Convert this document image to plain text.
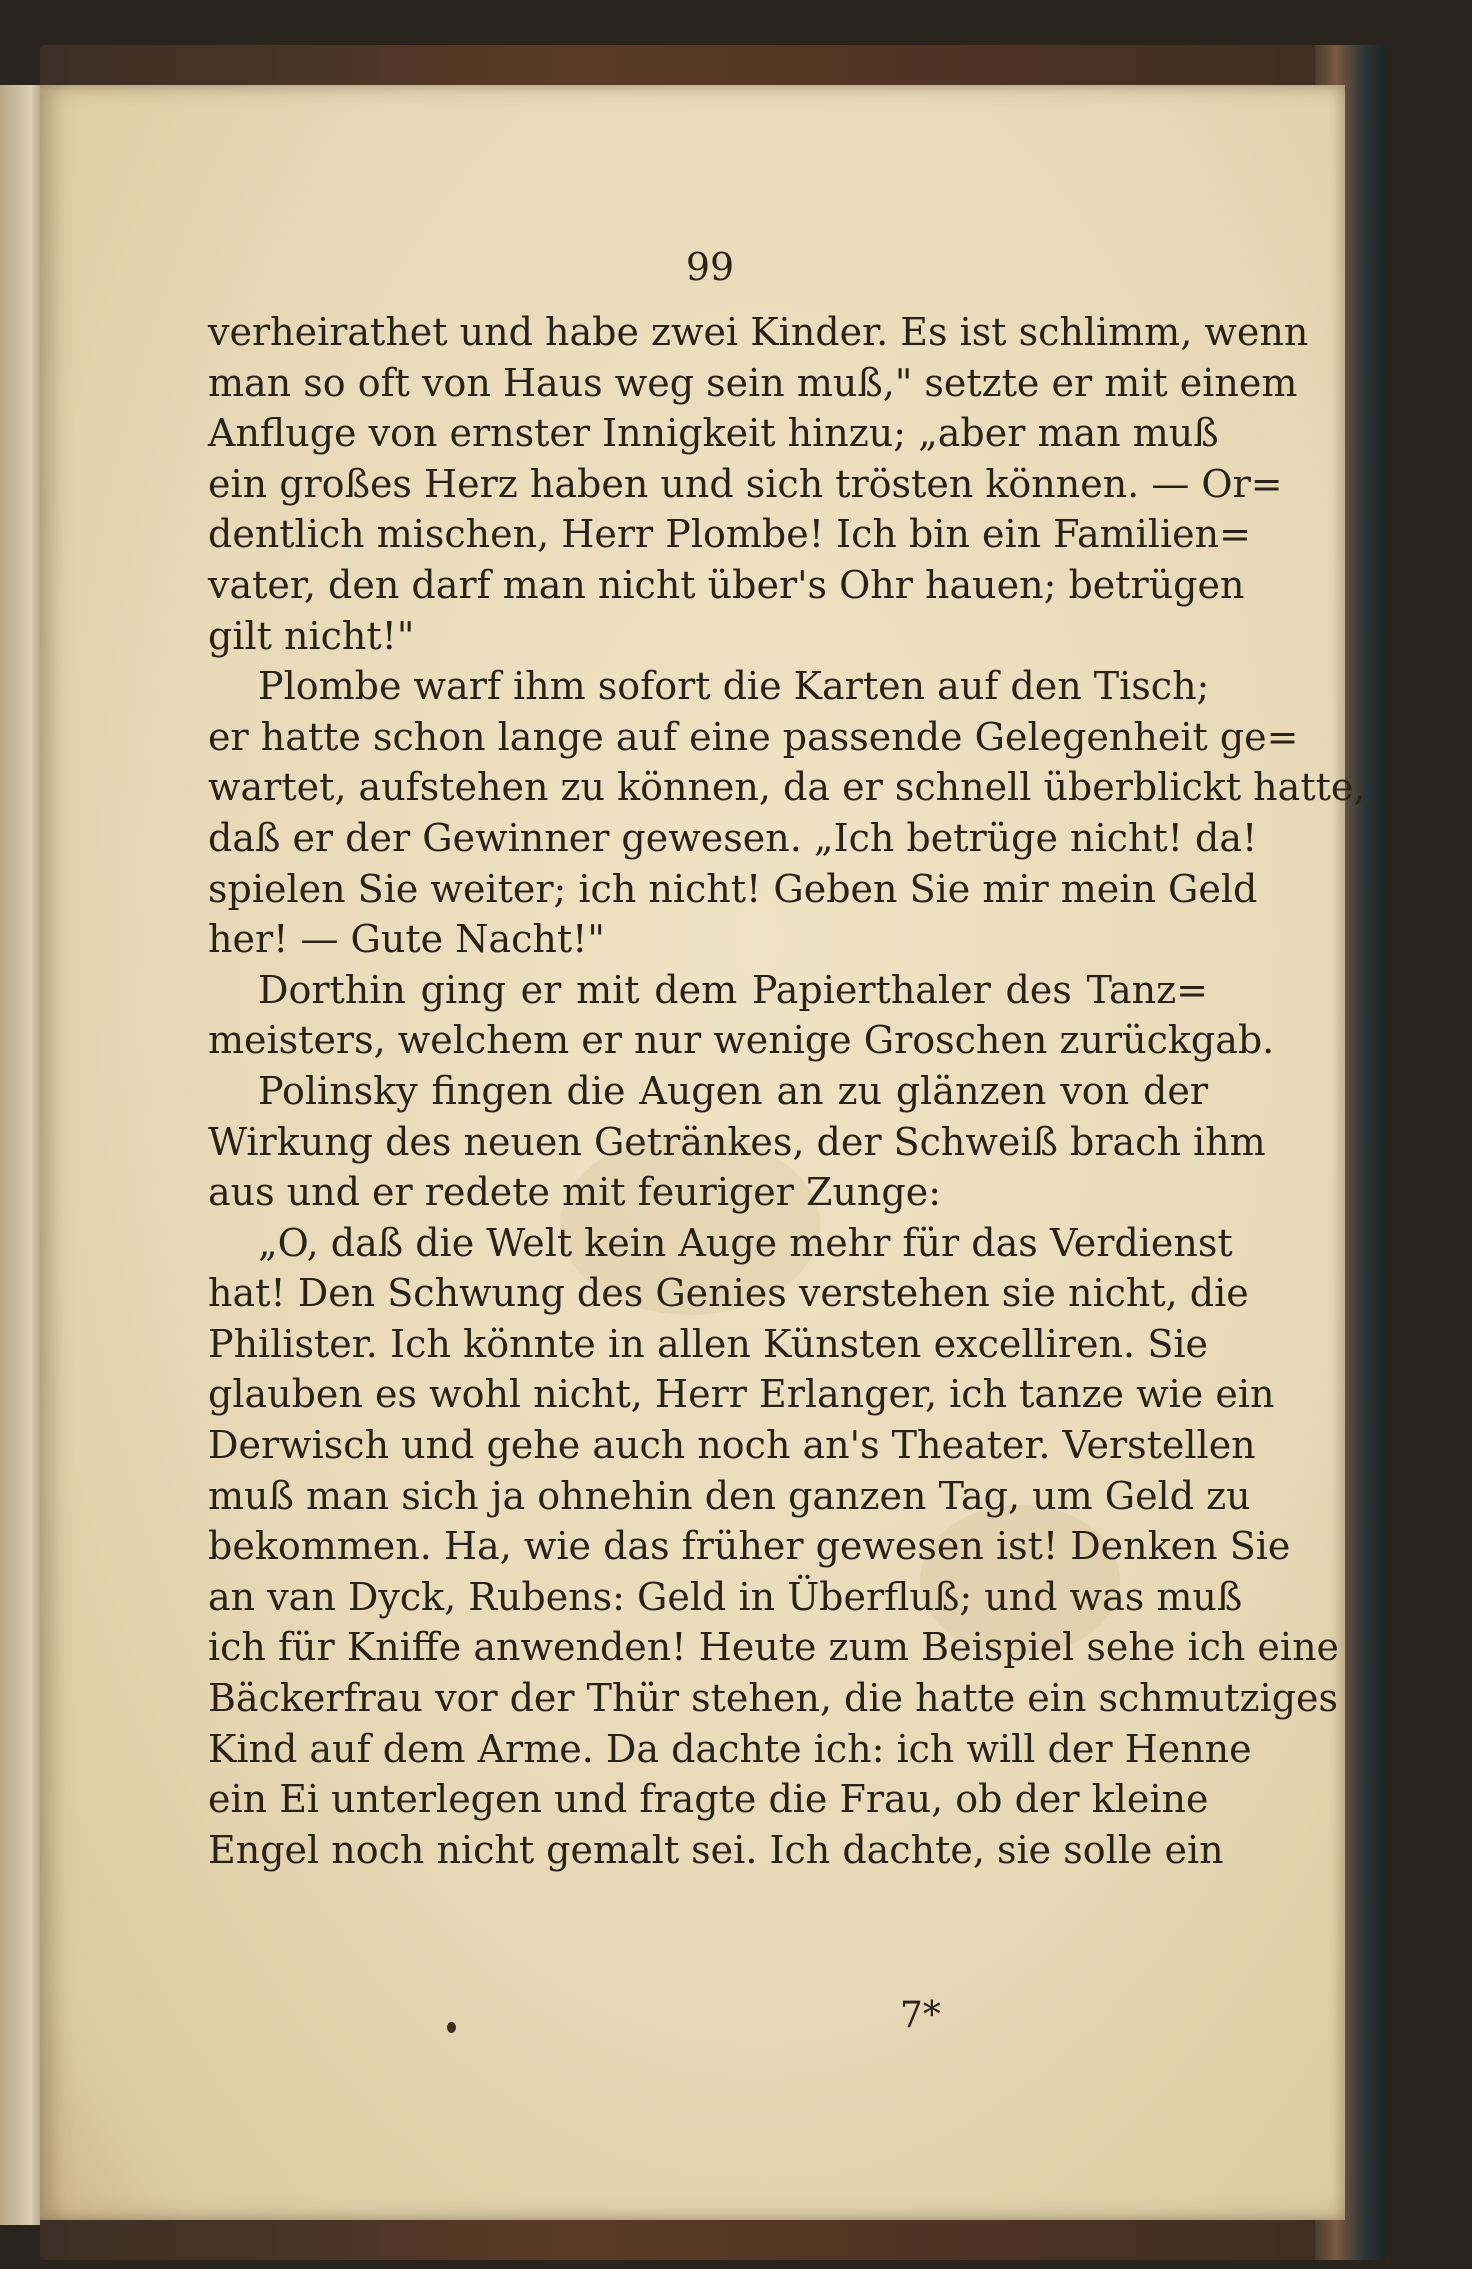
99
verheirathet und habe zwei Kinder. Es ist schlimm, wenn
man so oft von Haus weg sein muß," setzte er mit einem
Anfluge von ernster Innigkeit hinzu; „aber man muß
ein großes Herz haben und sich trösten können. — Or=
dentlich mischen, Herr Plombe! Ich bin ein Familien=
vater, den darf man nicht über's Ohr hauen; betrügen
gilt nicht!"
Plombe warf ihm sofort die Karten auf den Tisch;
er hatte schon lange auf eine passende Gelegenheit ge=
wartet, aufstehen zu können, da er schnell überblickt hatte,
daß er der Gewinner gewesen. „Ich betrüge nicht! da!
spielen Sie weiter; ich nicht! Geben Sie mir mein Geld
her! — Gute Nacht!"
Dorthin ging er mit dem Papierthaler des Tanz=
meisters, welchem er nur wenige Groschen zurückgab.
Polinsky fingen die Augen an zu glänzen von der
Wirkung des neuen Getränkes, der Schweiß brach ihm
aus und er redete mit feuriger Zunge:
„O, daß die Welt kein Auge mehr für das Verdienst
hat! Den Schwung des Genies verstehen sie nicht, die
Philister. Ich könnte in allen Künsten excelliren. Sie
glauben es wohl nicht, Herr Erlanger, ich tanze wie ein
Derwisch und gehe auch noch an's Theater. Verstellen
muß man sich ja ohnehin den ganzen Tag, um Geld zu
bekommen. Ha, wie das früher gewesen ist! Denken Sie
an van Dyck, Rubens: Geld in Überfluß; und was muß
ich für Kniffe anwenden! Heute zum Beispiel sehe ich eine
Bäckerfrau vor der Thür stehen, die hatte ein schmutziges
Kind auf dem Arme. Da dachte ich: ich will der Henne
ein Ei unterlegen und fragte die Frau, ob der kleine
Engel noch nicht gemalt sei. Ich dachte, sie solle ein
7*
